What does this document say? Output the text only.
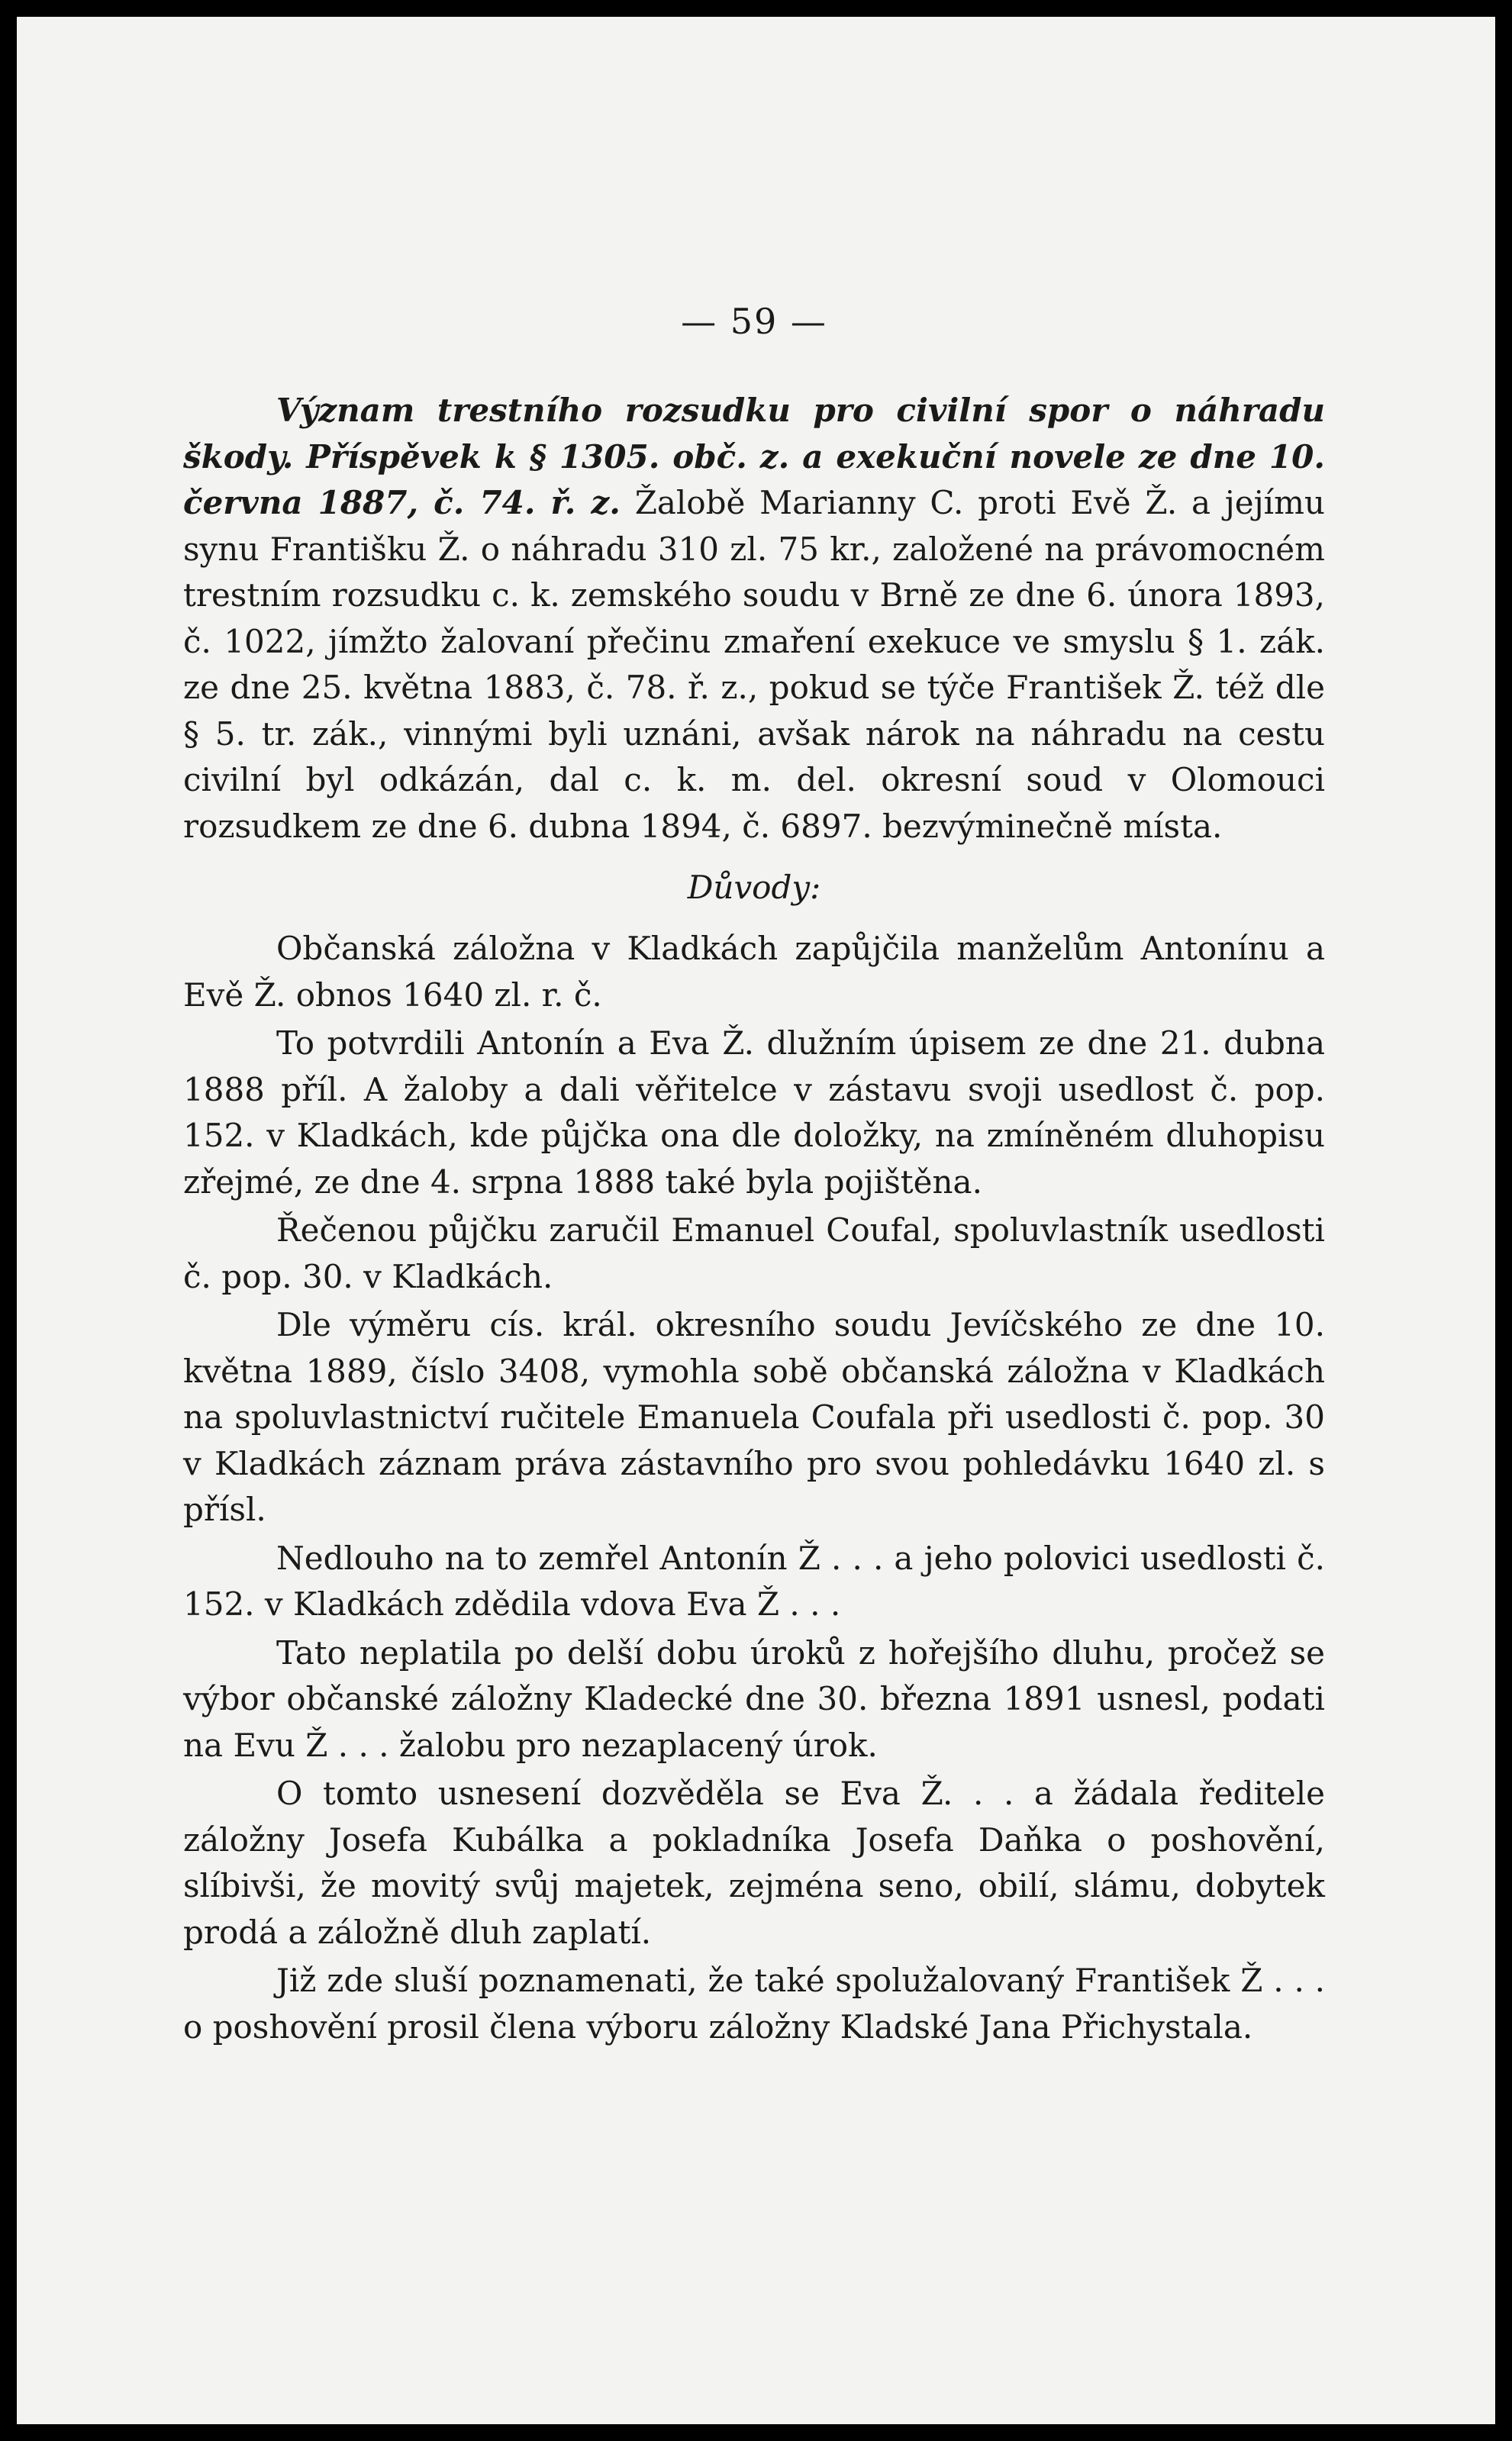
— 59 —

Význam trestního rozsudku pro civilní spor o náhradu škody. Příspěvek k § 1305. obč. z. a exekuční novele ze dne 10. června 1887, č. 74. ř. z. Žalobě Marianny C. proti Evě Ž. a jejímu synu Františku Ž. o náhradu 310 zl. 75 kr., založené na právomocném trestním rozsudku c. k. zemského soudu v Brně ze dne 6. února 1893, č. 1022, jímžto žalovaní přečinu zmaření exekuce ve smyslu § 1. zák. ze dne 25. května 1883, č. 78. ř. z., pokud se týče František Ž. též dle § 5. tr. zák., vinnými byli uznáni, avšak nárok na náhradu na cestu civilní byl odkázán, dal c. k. m. del. okresní soud v Olomouci rozsudkem ze dne 6. dubna 1894, č. 6897. bezvýminečně místa.

Důvody:

Občanská záložna v Kladkách zapůjčila manželům Antonínu a Evě Ž. obnos 1640 zl. r. č.

To potvrdili Antonín a Eva Ž. dlužním úpisem ze dne 21. dubna 1888 příl. A žaloby a dali věřitelce v zástavu svoji usedlost č. pop. 152. v Kladkách, kde půjčka ona dle doložky, na zmíněném dluhopisu zřejmé, ze dne 4. srpna 1888 také byla pojištěna.

Řečenou půjčku zaručil Emanuel Coufal, spoluvlastník usedlosti č. pop. 30. v Kladkách.

Dle výměru cís. král. okresního soudu Jevíčského ze dne 10. května 1889, číslo 3408, vymohla sobě občanská záložna v Kladkách na spoluvlastnictví ručitele Emanuela Coufala při usedlosti č. pop. 30 v Kladkách záznam práva zástavního pro svou pohledávku 1640 zl. s přísl.

Nedlouho na to zemřel Antonín Ž . . . a jeho polovici usedlosti č. 152. v Kladkách zdědila vdova Eva Ž . . .

Tato neplatila po delší dobu úroků z hořejšího dluhu, pročež se výbor občanské záložny Kladecké dne 30. března 1891 usnesl, podati na Evu Ž . . . žalobu pro nezaplacený úrok.

O tomto usnesení dozvěděla se Eva Ž. . . a žádala ředitele záložny Josefa Kubálka a pokladníka Josefa Daňka o poshovění, slíbivši, že movitý svůj majetek, zejména seno, obilí, slámu, dobytek prodá a záložně dluh zaplatí.

Již zde sluší poznamenati, že také spolužalovaný František Ž . . . o poshovění prosil člena výboru záložny Kladské Jana Přichystala.
